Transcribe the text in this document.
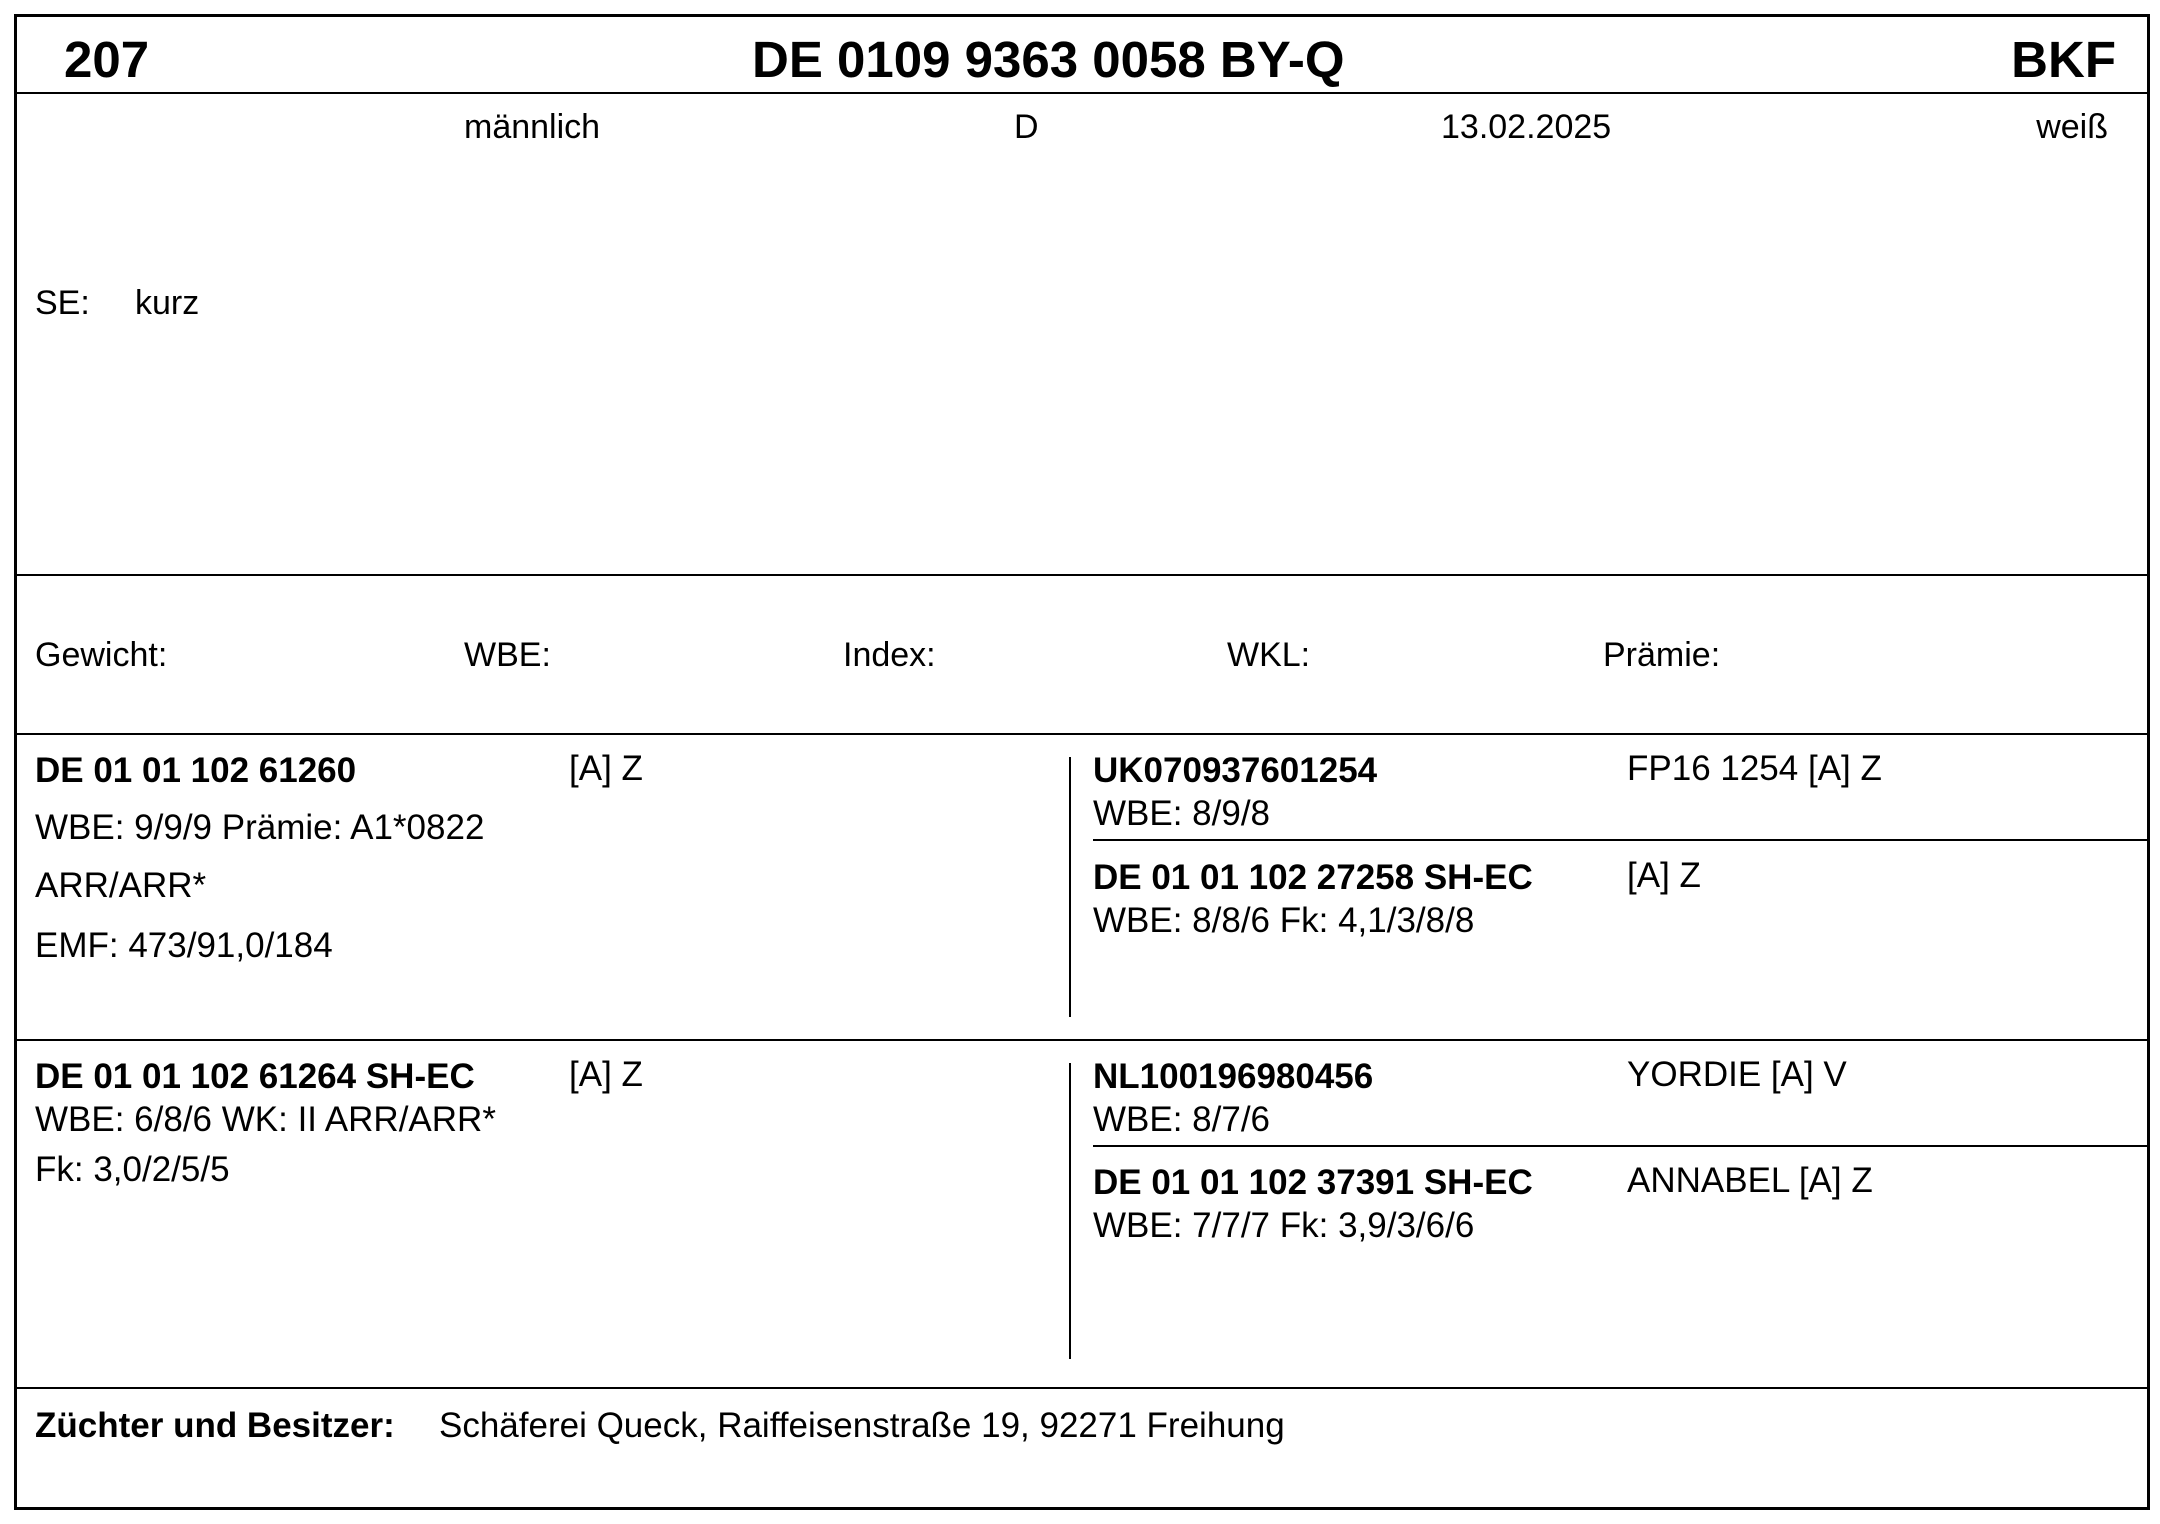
207	DE 0109 9363 0058 BY-Q	BKF
männlich	D	13.02.2025	weiß
SE: kurz
Gewicht:	WBE:	Index:	WKL:	Prämie:
DE 01 01 102 61260	[A] Z
WBE: 9/9/9 Prämie: A1*0822
ARR/ARR*
EMF: 473/91,0/184
UK070937601254	FP16 1254 [A] Z
WBE: 8/9/8
DE 01 01 102 27258 SH-EC	[A] Z
WBE: 8/8/6 Fk: 4,1/3/8/8
DE 01 01 102 61264 SH-EC	[A] Z
WBE: 6/8/6 WK: II ARR/ARR*
Fk: 3,0/2/5/5
NL100196980456	YORDIE [A] V
WBE: 8/7/6
DE 01 01 102 37391 SH-EC	ANNABEL [A] Z
WBE: 7/7/7 Fk: 3,9/3/6/6
Züchter und Besitzer: Schäferei Queck, Raiffeisenstraße 19, 92271 Freihung
